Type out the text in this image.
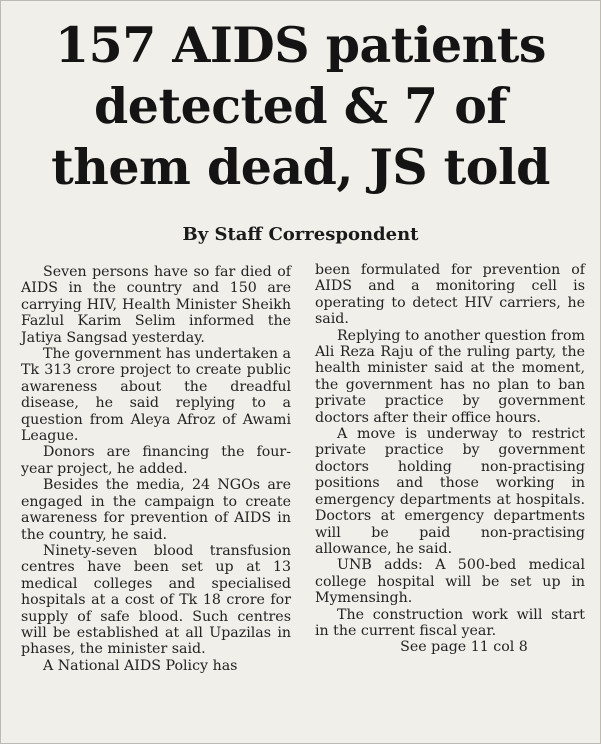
157 AIDS patients
detected & 7 of
them dead, JS told
By Staff Correspondent

Seven persons have so far died of AIDS in the country and 150 are carrying HIV, Health Minister Sheikh Fazlul Karim Selim informed the Jatiya Sangsad yesterday.

The government has undertaken a Tk 313 crore project to create public awareness about the dreadful disease, he said replying to a question from Aleya Afroz of Awami League.

Donors are financing the four-year project, he added.

Besides the media, 24 NGOs are engaged in the campaign to create awareness for prevention of AIDS in the country, he said.

Ninety-seven blood transfusion centres have been set up at 13 medical colleges and specialised hospitals at a cost of Tk 18 crore for supply of safe blood. Such centres will be established at all Upazilas in phases, the minister said.

A National AIDS Policy has

been formulated for prevention of AIDS and a monitoring cell is operating to detect HIV carriers, he said.

Replying to another question from Ali Reza Raju of the ruling party, the health minister said at the moment, the government has no plan to ban private practice by government doctors after their office hours.

A move is underway to restrict private practice by government doctors holding non-practising positions and those working in emergency departments at hospitals. Doctors at emergency departments will be paid non-practising allowance, he said.

UNB adds: A 500-bed medical college hospital will be set up in Mymensingh.

The construction work will start in the current fiscal year.

See page 11 col 8
